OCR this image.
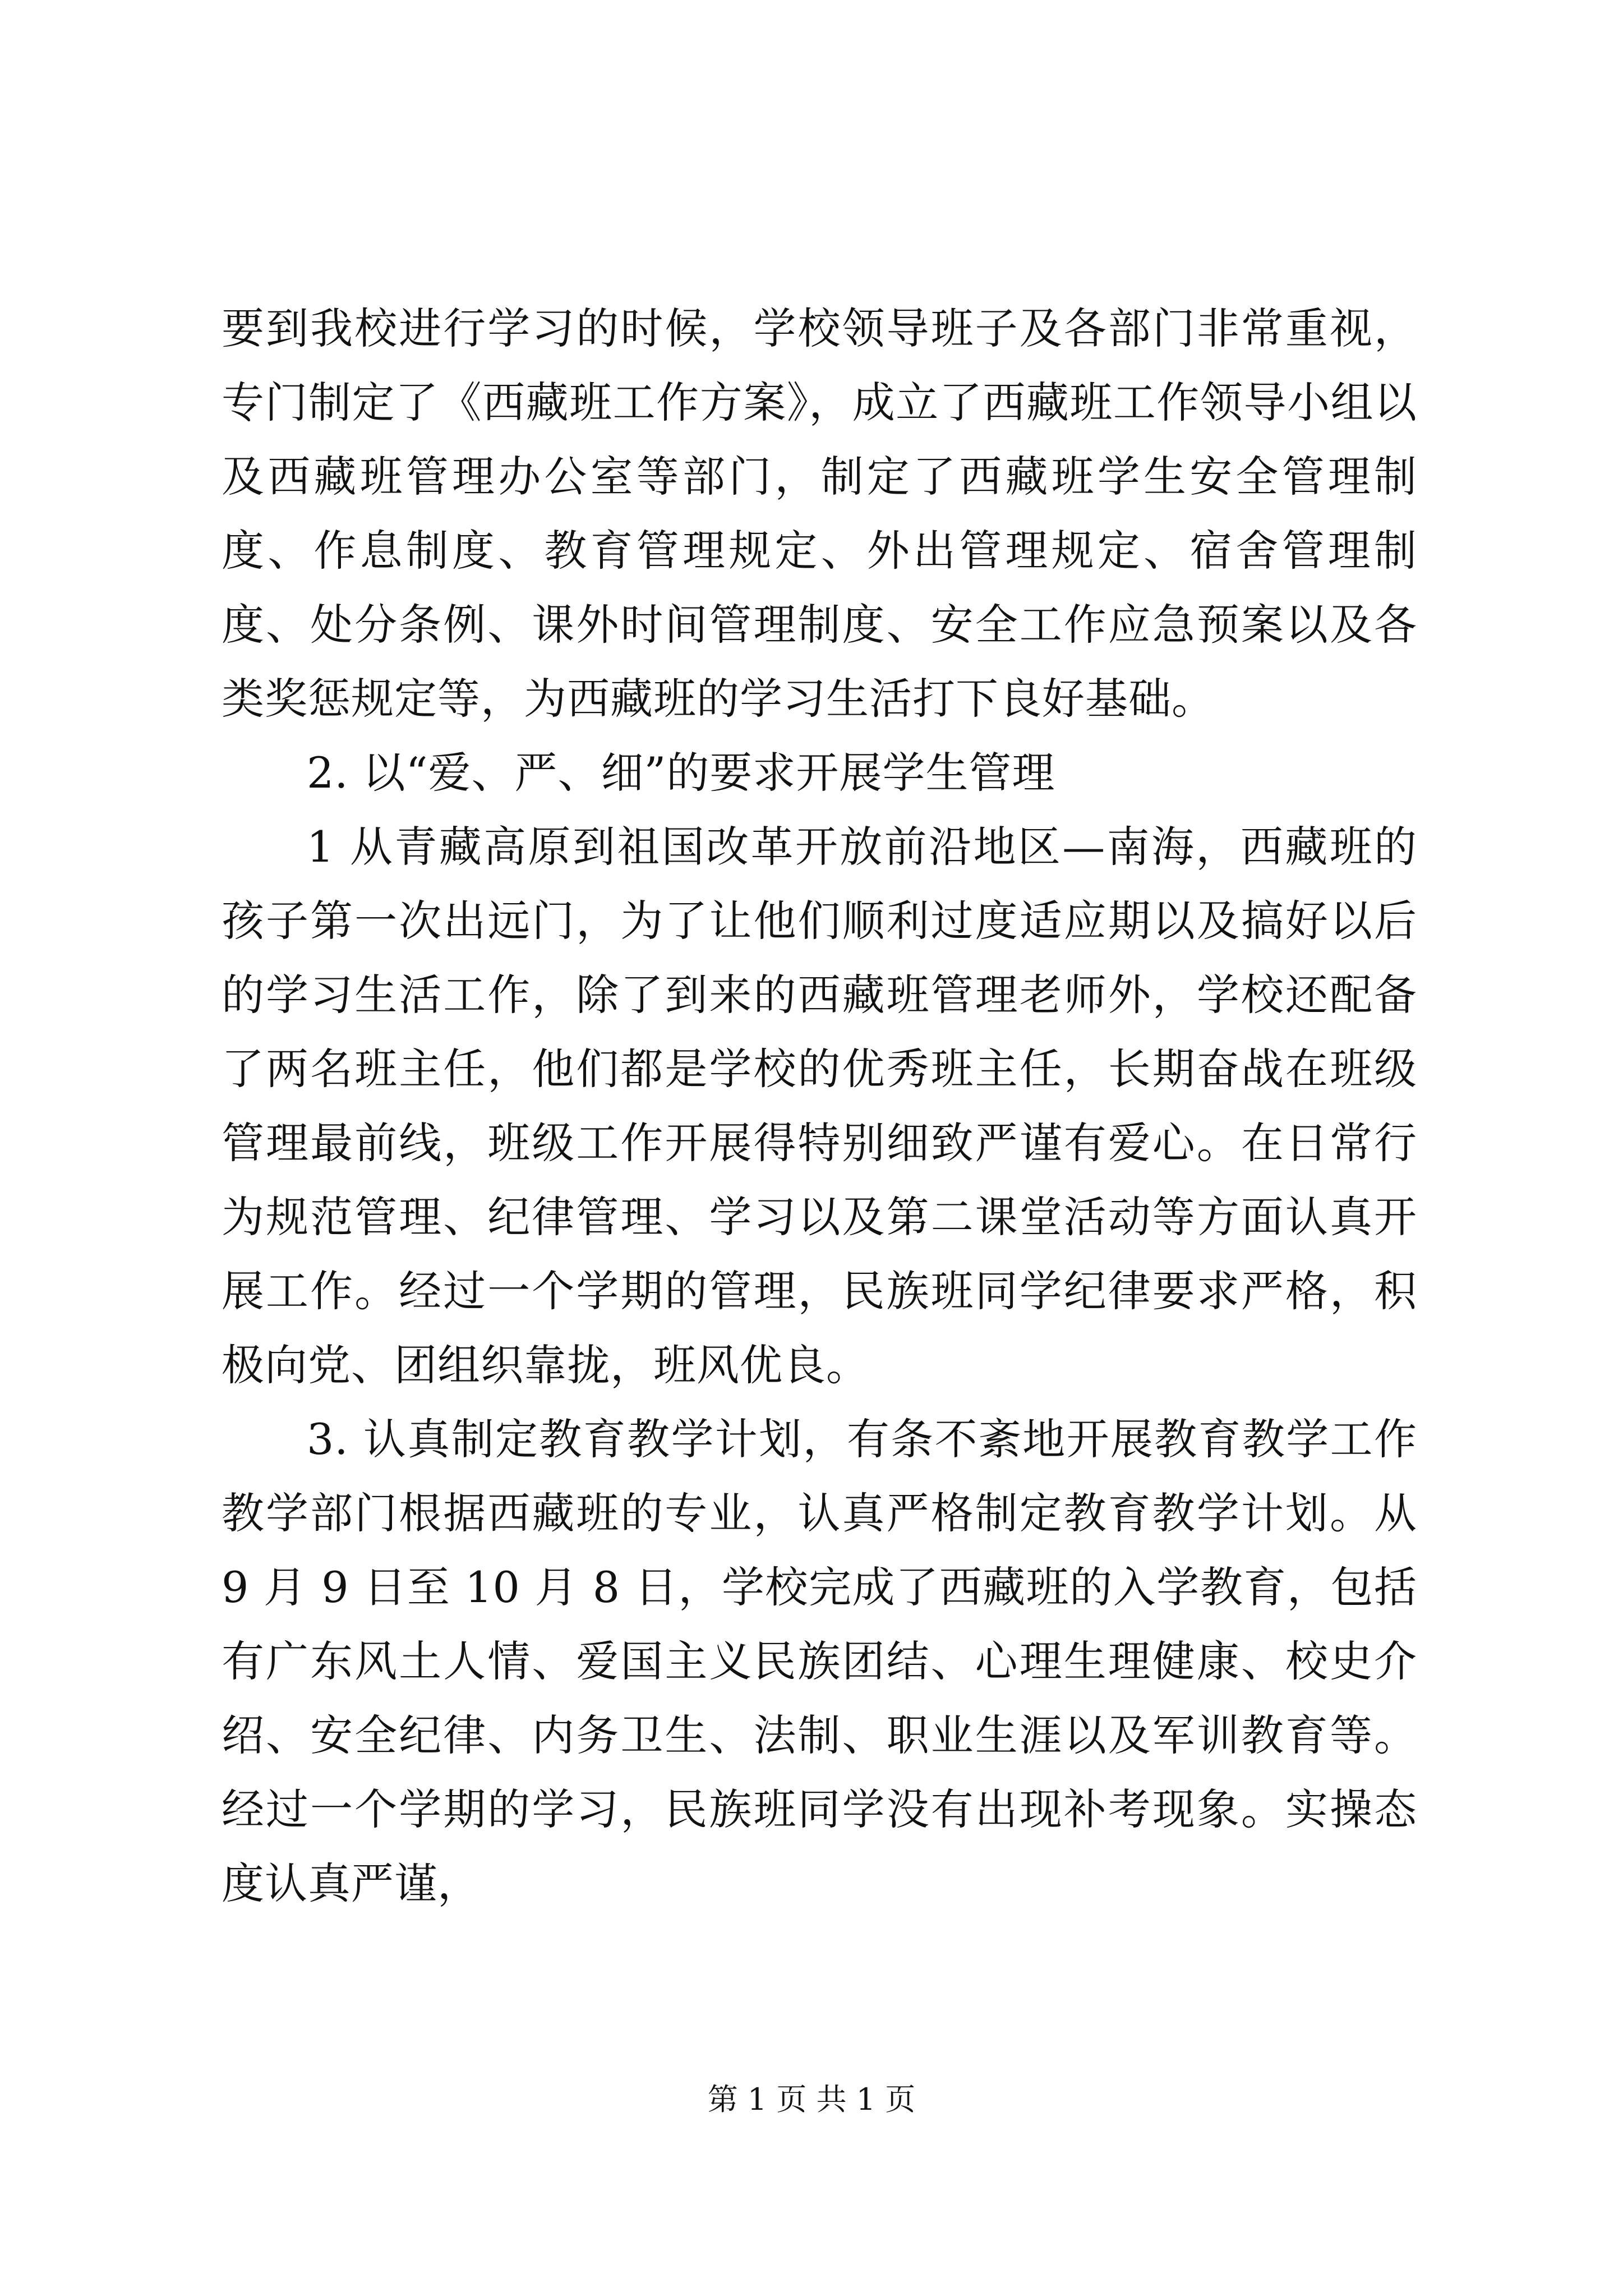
要到我校进行学习的时候，学校领导班子及各部门非常重视，专门制定了《西藏班工作方案》，成立了西藏班工作领导小组以及西藏班管理办公室等部门，制定了西藏班学生安全管理制度、作息制度、教育管理规定、外出管理规定、宿舍管理制度、处分条例、课外时间管理制度、安全工作应急预案以及各类奖惩规定等，为西藏班的学习生活打下良好基础。

2. 以“爱、严、细”的要求开展学生管理

1 从青藏高原到祖国改革开放前沿地区—南海，西藏班的孩子第一次出远门，为了让他们顺利过度适应期以及搞好以后的学习生活工作，除了到来的西藏班管理老师外，学校还配备了两名班主任，他们都是学校的优秀班主任，长期奋战在班级管理最前线，班级工作开展得特别细致严谨有爱心。在日常行为规范管理、纪律管理、学习以及第二课堂活动等方面认真开展工作。经过一个学期的管理，民族班同学纪律要求严格，积极向党、团组织靠拢，班风优良。

3. 认真制定教育教学计划，有条不紊地开展教育教学工作教学部门根据西藏班的专业，认真严格制定教育教学计划。从 9 月 9 日至 10 月 8 日，学校完成了西藏班的入学教育，包括有广东风土人情、爱国主义民族团结、心理生理健康、校史介绍、安全纪律、内务卫生、法制、职业生涯以及军训教育等。经过一个学期的学习，民族班同学没有出现补考现象。实操态度认真严谨，

第 1 页 共 1 页
